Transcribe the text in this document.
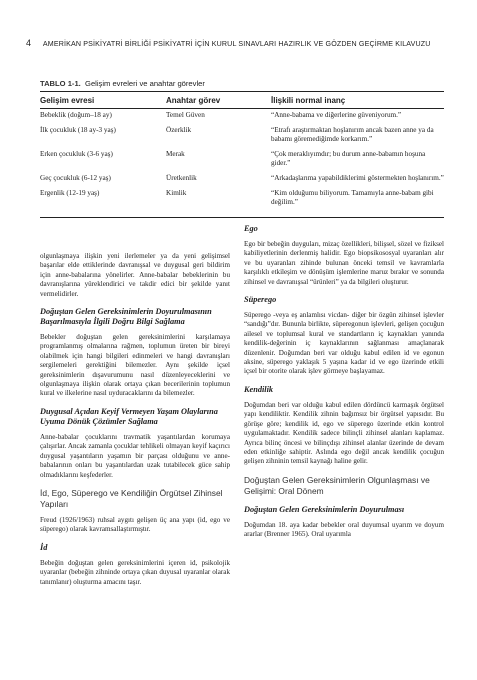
4 AMERİKAN PSİKİYATRİ BİRLİĞİ PSİKİYATRİ İÇİN KURUL SINAVLARI HAZIRLIK VE GÖZDEN GEÇİRME KILAVUZU
TABLO 1-1. Gelişim evreleri ve anahtar görevler
Gelişim evresi	Anahtar görev	İlişkili normal inanç
Bebeklik (doğum–18 ay)	Temel Güven	“Anne-babama ve diğerlerine güveniyorum.”
İlk çocukluk (18 ay-3 yaş)	Özerklik	“Etrafı araştırmaktan hoşlanırım ancak bazen anne ya da babamı göremediğimde korkarım.”
Erken çocukluk (3-6 yaş)	Merak	“Çok meraklıyımdır; bu durum anne-babamın hoşuna gider.”
Geç çocukluk (6-12 yaş)	Üretkenlik	“Arkadaşlarıma yapabildiklerimi göstermekten hoşlanırım.”
Ergenlik (12-19 yaş)	Kimlik	“Kim olduğumu biliyorum. Tamamıyla anne-babam gibi değilim.”

olgunlaşmaya ilişkin yeni ilerlemeler ya da yeni gelişimsel başarılar elde ettiklerinde davranışsal ve duygusal geri bildirim için anne-babalarına yönelirler. Anne-babalar bebeklerinin bu davranışlarına yüreklendirici ve takdir edici bir şekilde yanıt vermelidirler.

Doğuştan Gelen Gereksinimlerin Doyurulmasının Başarılmasıyla İlgili Doğru Bilgi Sağlama

Bebekler doğuştan gelen gereksinimlerini karşılamaya programlanmış olmalarına rağmen, toplumun üreten bir bireyi olabilmek için hangi bilgileri edinmeleri ve hangi davranışları sergilemeleri gerektiğini bilemezler. Aynı şekilde içsel gereksinimlerin dışavurumunu nasıl düzenleyeceklerini ve olgunlaşmaya ilişkin olarak ortaya çıkan becerilerinin toplumun kural ve ilkelerine nasıl uyduracaklarını da bilemezler.

Duygusal Açıdan Keyif Vermeyen Yaşam Olaylarına Uyuma Dönük Çözümler Sağlama

Anne-babalar çocuklarını travmatik yaşantılardan korumaya çalışırlar. Ancak zamanla çocuklar tehlikeli olmayan keyif kaçırıcı duygusal yaşantıların yaşamın bir parçası olduğunu ve anne-babalarının onları bu yaşantılardan uzak tutabilecek güce sahip olmadıklarını keşfederler.

İd, Ego, Süperego ve Kendiliğin Örgütsel Zihinsel Yapıları

Freud (1926/1963) ruhsal aygıtı gelişen üç ana yapı (id, ego ve süperego) olarak kavramsallaştırmıştır.

İd

Bebeğin doğuştan gelen gereksinimlerini içeren id, psikolojik uyaranlar (bebeğin zihninde ortaya çıkan duyusal uyaranlar olarak tanımlanır) oluşturma amacını taşır.

Ego

Ego bir bebeğin duyguları, mizaç özellikleri, bilişsel, sözel ve fiziksel kabiliyetlerinin derlenmiş halidir. Ego biopsikososyal uyaranları alır ve bu uyaranları zihinde bulunan önceki temsil ve kavramlarla karşılıklı etkileşim ve dönüşüm işlemlerine maruz bırakır ve sonunda zihinsel ve davranışsal “ürünleri” ya da bilgileri oluşturur.

Süperego

Süperego -veya eş anlamlısı vicdan- diğer bir özgün zihinsel işlevler “sandığı”dır. Bununla birlikte, süperegonun işlevleri, gelişen çocuğun ailesel ve toplumsal kural ve standartların iç kaynakları yanında kendilik-değerinin iç kaynaklarının sağlanması amaçlanarak düzenlenir. Doğumdan beri var olduğu kabul edilen id ve egonun aksine, süperego yaklaşık 5 yaşına kadar id ve ego üzerinde etkili içsel bir otorite olarak işlev görmeye başlayamaz.

Kendilik

Doğumdan beri var olduğu kabul edilen dördüncü karmaşık örgütsel yapı kendiliktir. Kendilik zihnin bağımsız bir örgütsel yapısıdır. Bu görüşe göre; kendilik id, ego ve süperego üzerinde etkin kontrol uygulamaktadır. Kendilik sadece bilinçli zihinsel alanları kaplamaz. Ayrıca bilinç öncesi ve bilinçdışı zihinsel alanlar üzerinde de devam eden etkinliğe sahiptir. Aslında ego değil ancak kendilik çocuğun gelişen zihninin temsil kaynağı haline gelir.

Doğuştan Gelen Gereksinimlerin Olgunlaşması ve Gelişimi: Oral Dönem
Doğuştan Gelen Gereksinimlerin Doyurulması

Doğumdan 18. aya kadar bebekler oral duyumsal uyarım ve doyum ararlar (Brenner 1965). Oral uyarımla
